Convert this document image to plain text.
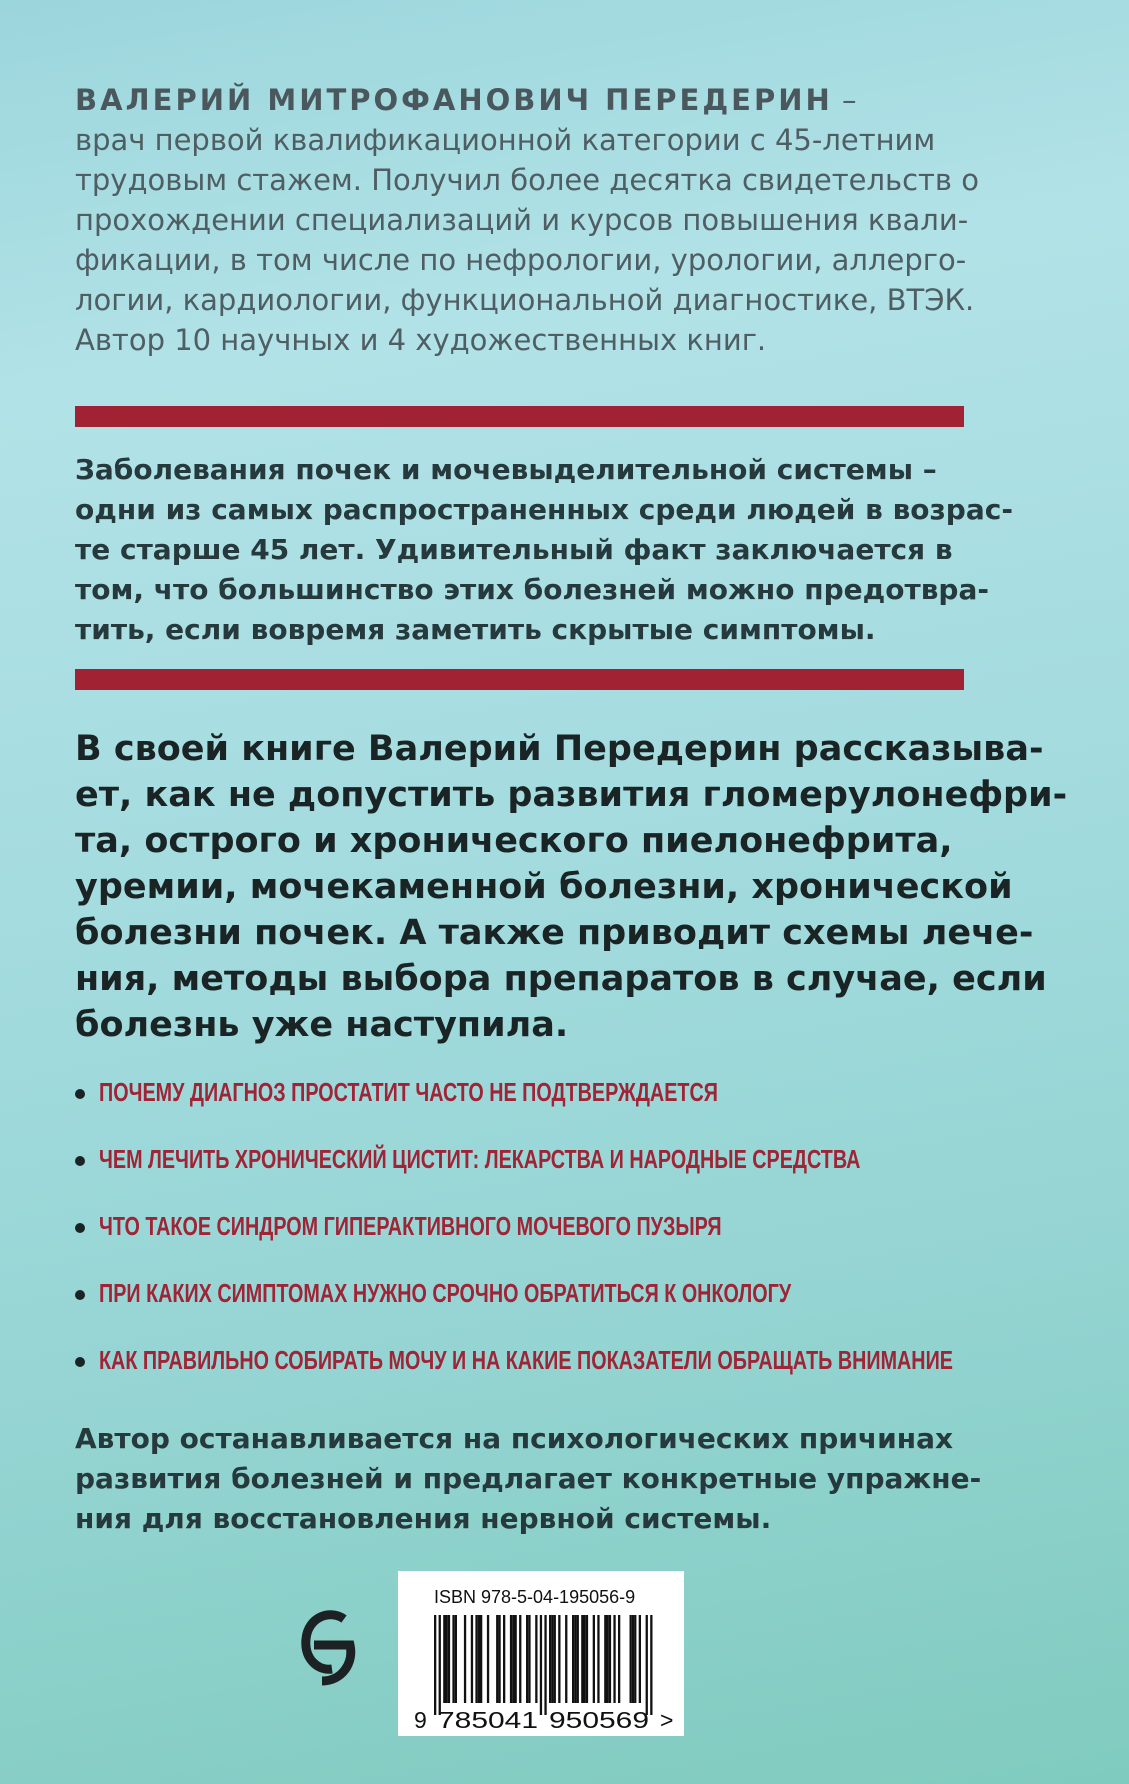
ВАЛЕРИЙ МИТРОФАНОВИЧ ПЕРЕДЕРИН –
врач первой квалификационной категории с 45-летним
трудовым стажем. Получил более десятка свидетельств о
прохождении специализаций и курсов повышения квали-
фикации, в том числе по нефрологии, урологии, аллерго-
логии, кардиологии, функциональной диагностике, ВТЭК.
Автор 10 научных и 4 художественных книг.
Заболевания почек и мочевыделительной системы –
одни из самых распространенных среди людей в возрас-
те старше 45 лет. Удивительный факт заключается в
том, что большинство этих болезней можно предотвра-
тить, если вовремя заметить скрытые симптомы.
В своей книге Валерий Передерин рассказыва-
ет, как не допустить развития гломерулонефри-
та, острого и хронического пиелонефрита,
уремии, мочекаменной болезни, хронической
болезни почек. А также приводит схемы лече-
ния, методы выбора препаратов в случае, если
болезнь уже наступила.
ПОЧЕМУ ДИАГНОЗ ПРОСТАТИТ ЧАСТО НЕ ПОДТВЕРЖДАЕТСЯ
ЧЕМ ЛЕЧИТЬ ХРОНИЧЕСКИЙ ЦИСТИТ: ЛЕКАРСТВА И НАРОДНЫЕ СРЕДСТВА
ЧТО ТАКОЕ СИНДРОМ ГИПЕРАКТИВНОГО МОЧЕВОГО ПУЗЫРЯ
ПРИ КАКИХ СИМПТОМАХ НУЖНО СРОЧНО ОБРАТИТЬСЯ К ОНКОЛОГУ
КАК ПРАВИЛЬНО СОБИРАТЬ МОЧУ И НА КАКИЕ ПОКАЗАТЕЛИ ОБРАЩАТЬ ВНИМАНИЕ
Автор останавливается на психологических причинах
развития болезней и предлагает конкретные упражне-
ния для восстановления нервной системы.
ISBN 978-5-04-195056-9
9 785041 950569 >
